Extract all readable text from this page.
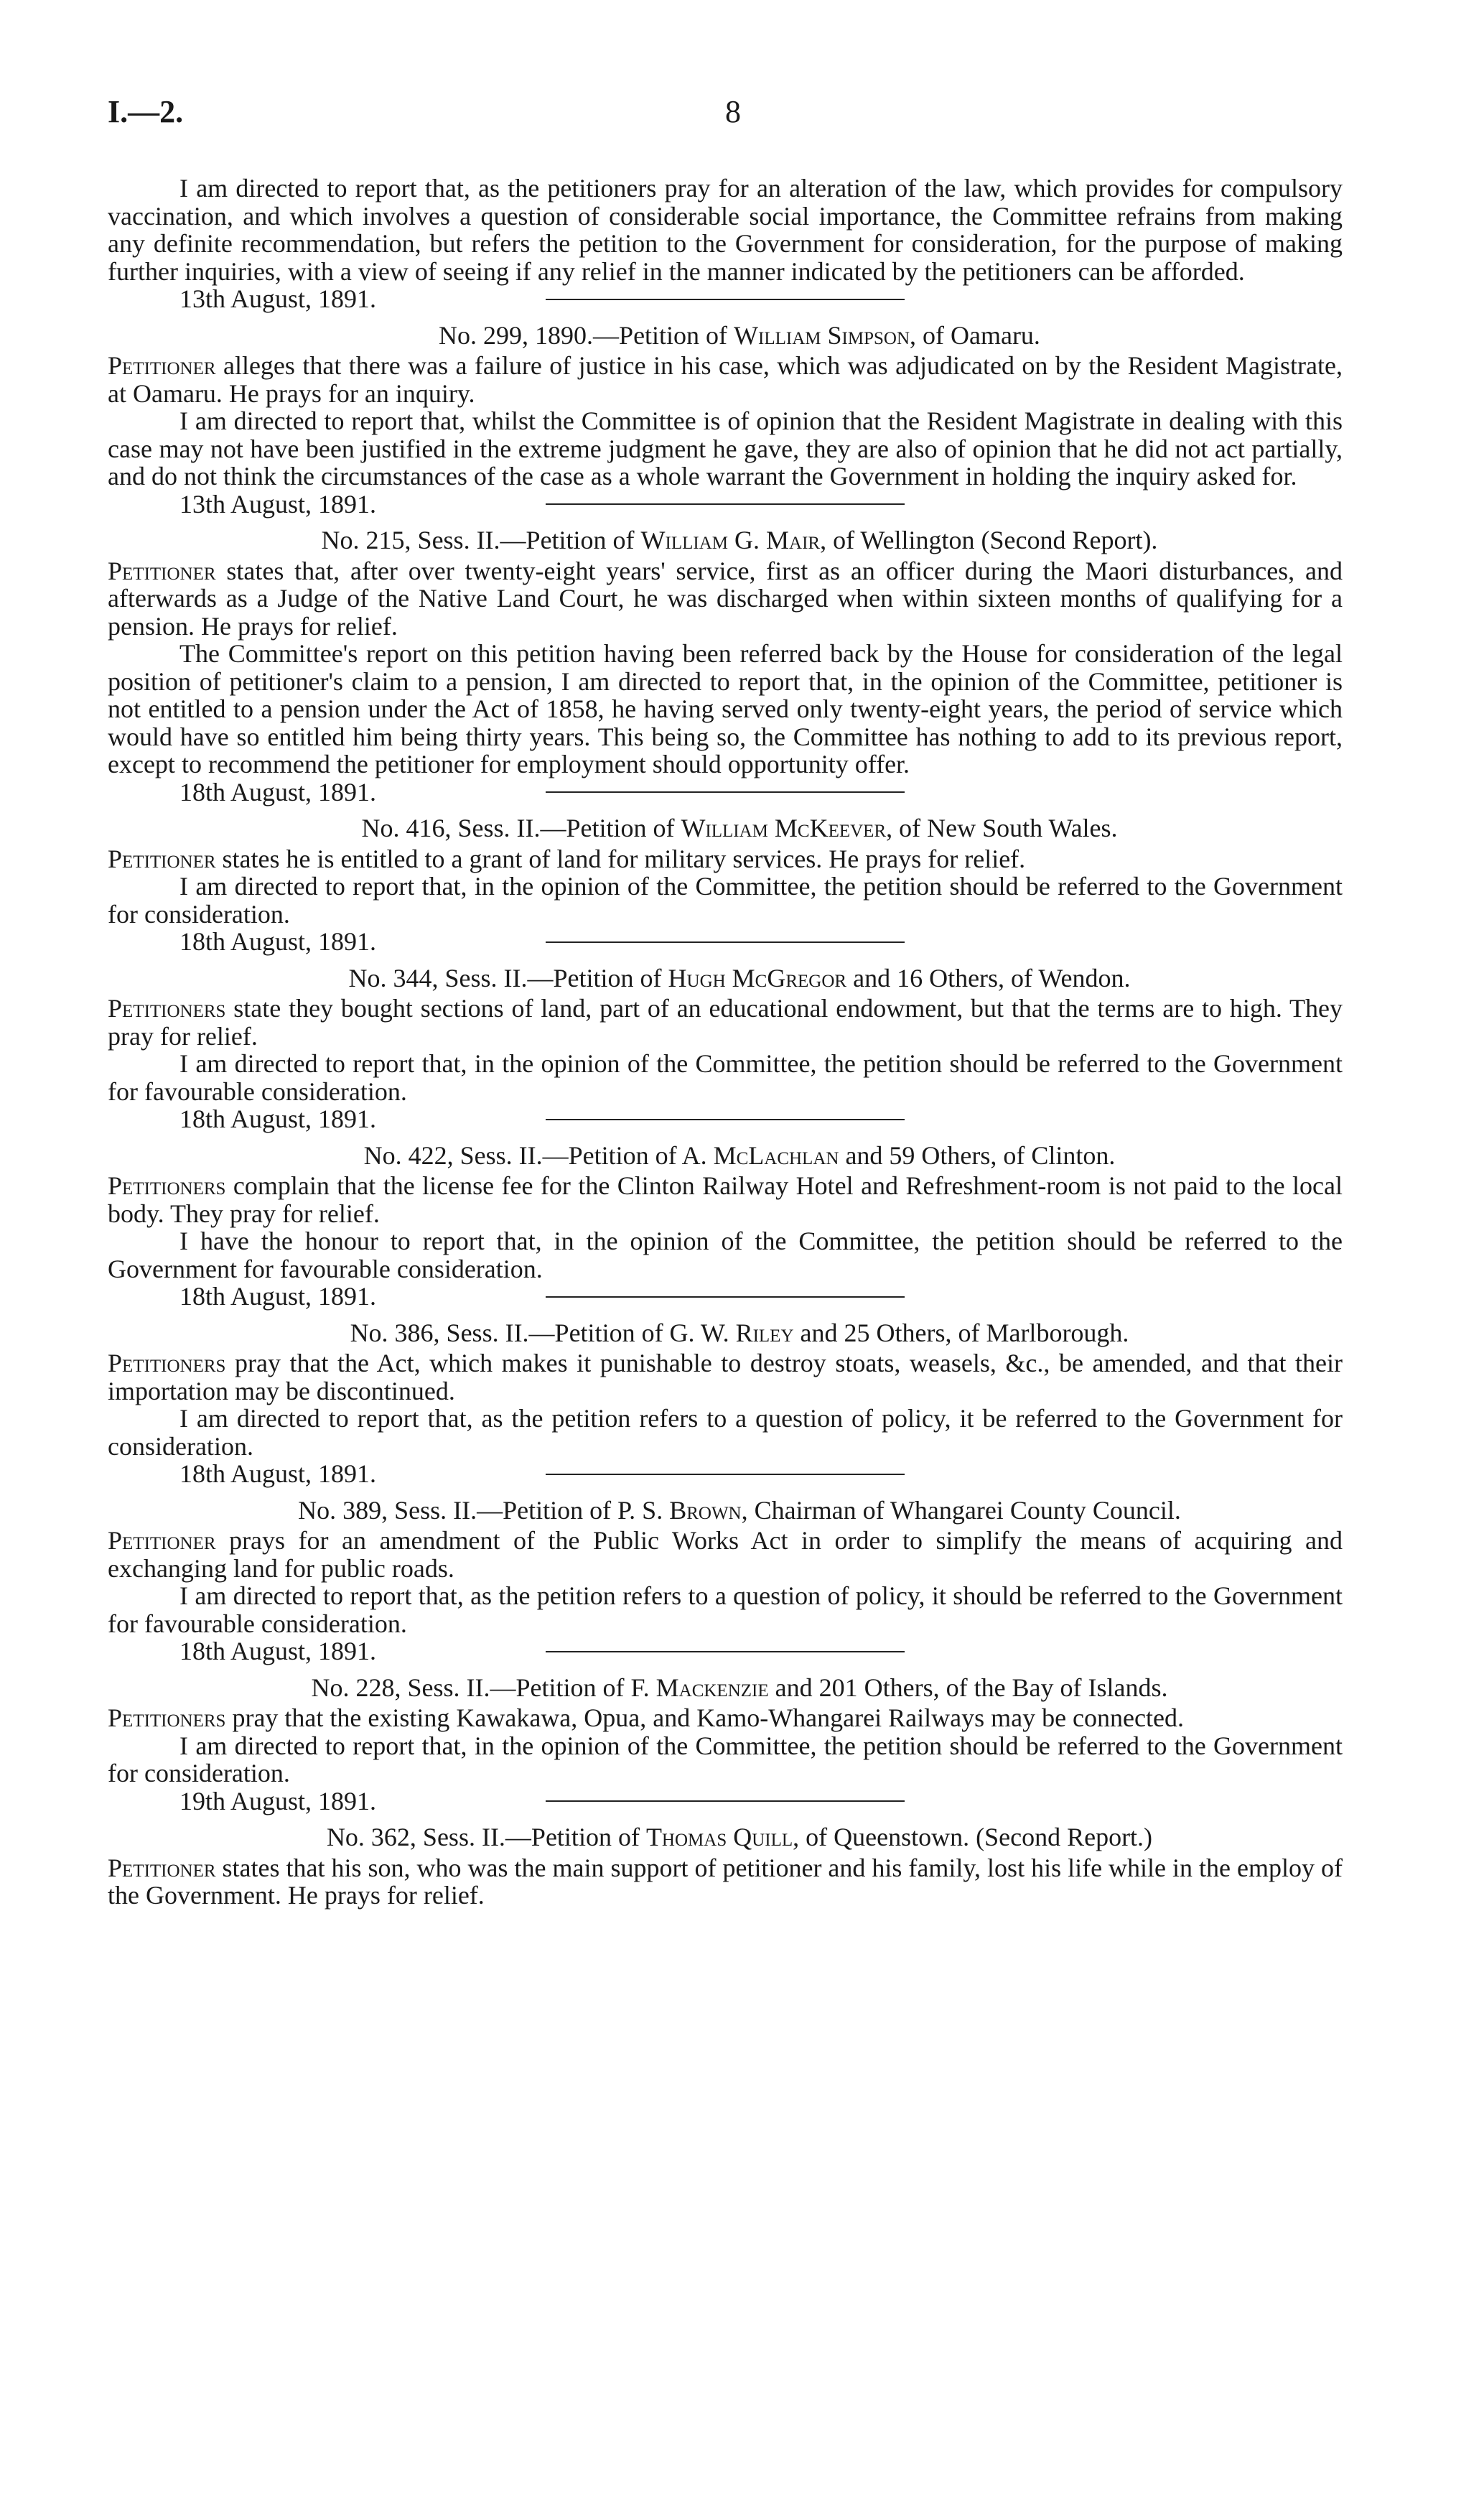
I.—2.	8

I am directed to report that, as the petitioners pray for an alteration of the law, which provides for compulsory vaccination, and which involves a question of considerable social importance, the Committee refrains from making any definite recommendation, but refers the petition to the Government for consideration, for the purpose of making further inquiries, with a view of seeing if any relief in the manner indicated by the petitioners can be afforded.

13th August, 1891.
No. 299, 1890.—Petition of William Simpson, of Oamaru.

Petitioner alleges that there was a failure of justice in his case, which was adjudicated on by the Resident Magistrate, at Oamaru. He prays for an inquiry.

I am directed to report that, whilst the Committee is of opinion that the Resident Magistrate in dealing with this case may not have been justified in the extreme judgment he gave, they are also of opinion that he did not act partially, and do not think the circumstances of the case as a whole warrant the Government in holding the inquiry asked for.

13th August, 1891.
No. 215, Sess. II.—Petition of William G. Mair, of Wellington (Second Report).

Petitioner states that, after over twenty-eight years' service, first as an officer during the Maori disturbances, and afterwards as a Judge of the Native Land Court, he was discharged when within sixteen months of qualifying for a pension. He prays for relief.

The Committee's report on this petition having been referred back by the House for consideration of the legal position of petitioner's claim to a pension, I am directed to report that, in the opinion of the Committee, petitioner is not entitled to a pension under the Act of 1858, he having served only twenty-eight years, the period of service which would have so entitled him being thirty years. This being so, the Committee has nothing to add to its previous report, except to recommend the petitioner for employment should opportunity offer.

18th August, 1891.
No. 416, Sess. II.—Petition of William McKeever, of New South Wales.

Petitioner states he is entitled to a grant of land for military services. He prays for relief.

I am directed to report that, in the opinion of the Committee, the petition should be referred to the Government for consideration.

18th August, 1891.
No. 344, Sess. II.—Petition of Hugh McGregor and 16 Others, of Wendon.

Petitioners state they bought sections of land, part of an educational endowment, but that the terms are to high. They pray for relief.

I am directed to report that, in the opinion of the Committee, the petition should be referred to the Government for favourable consideration.

18th August, 1891.
No. 422, Sess. II.—Petition of A. McLachlan and 59 Others, of Clinton.

Petitioners complain that the license fee for the Clinton Railway Hotel and Refreshment-room is not paid to the local body. They pray for relief.

I have the honour to report that, in the opinion of the Committee, the petition should be referred to the Government for favourable consideration.

18th August, 1891.
No. 386, Sess. II.—Petition of G. W. Riley and 25 Others, of Marlborough.

Petitioners pray that the Act, which makes it punishable to destroy stoats, weasels, &c., be amended, and that their importation may be discontinued.

I am directed to report that, as the petition refers to a question of policy, it be referred to the Government for consideration.

18th August, 1891.
No. 389, Sess. II.—Petition of P. S. Brown, Chairman of Whangarei County Council.

Petitioner prays for an amendment of the Public Works Act in order to simplify the means of acquiring and exchanging land for public roads.

I am directed to report that, as the petition refers to a question of policy, it should be referred to the Government for favourable consideration.

18th August, 1891.
No. 228, Sess. II.—Petition of F. Mackenzie and 201 Others, of the Bay of Islands.

Petitioners pray that the existing Kawakawa, Opua, and Kamo-Whangarei Railways may be connected.

I am directed to report that, in the opinion of the Committee, the petition should be referred to the Government for consideration.

19th August, 1891.
No. 362, Sess. II.—Petition of Thomas Quill, of Queenstown. (Second Report.)

Petitioner states that his son, who was the main support of petitioner and his family, lost his life while in the employ of the Government. He prays for relief.
